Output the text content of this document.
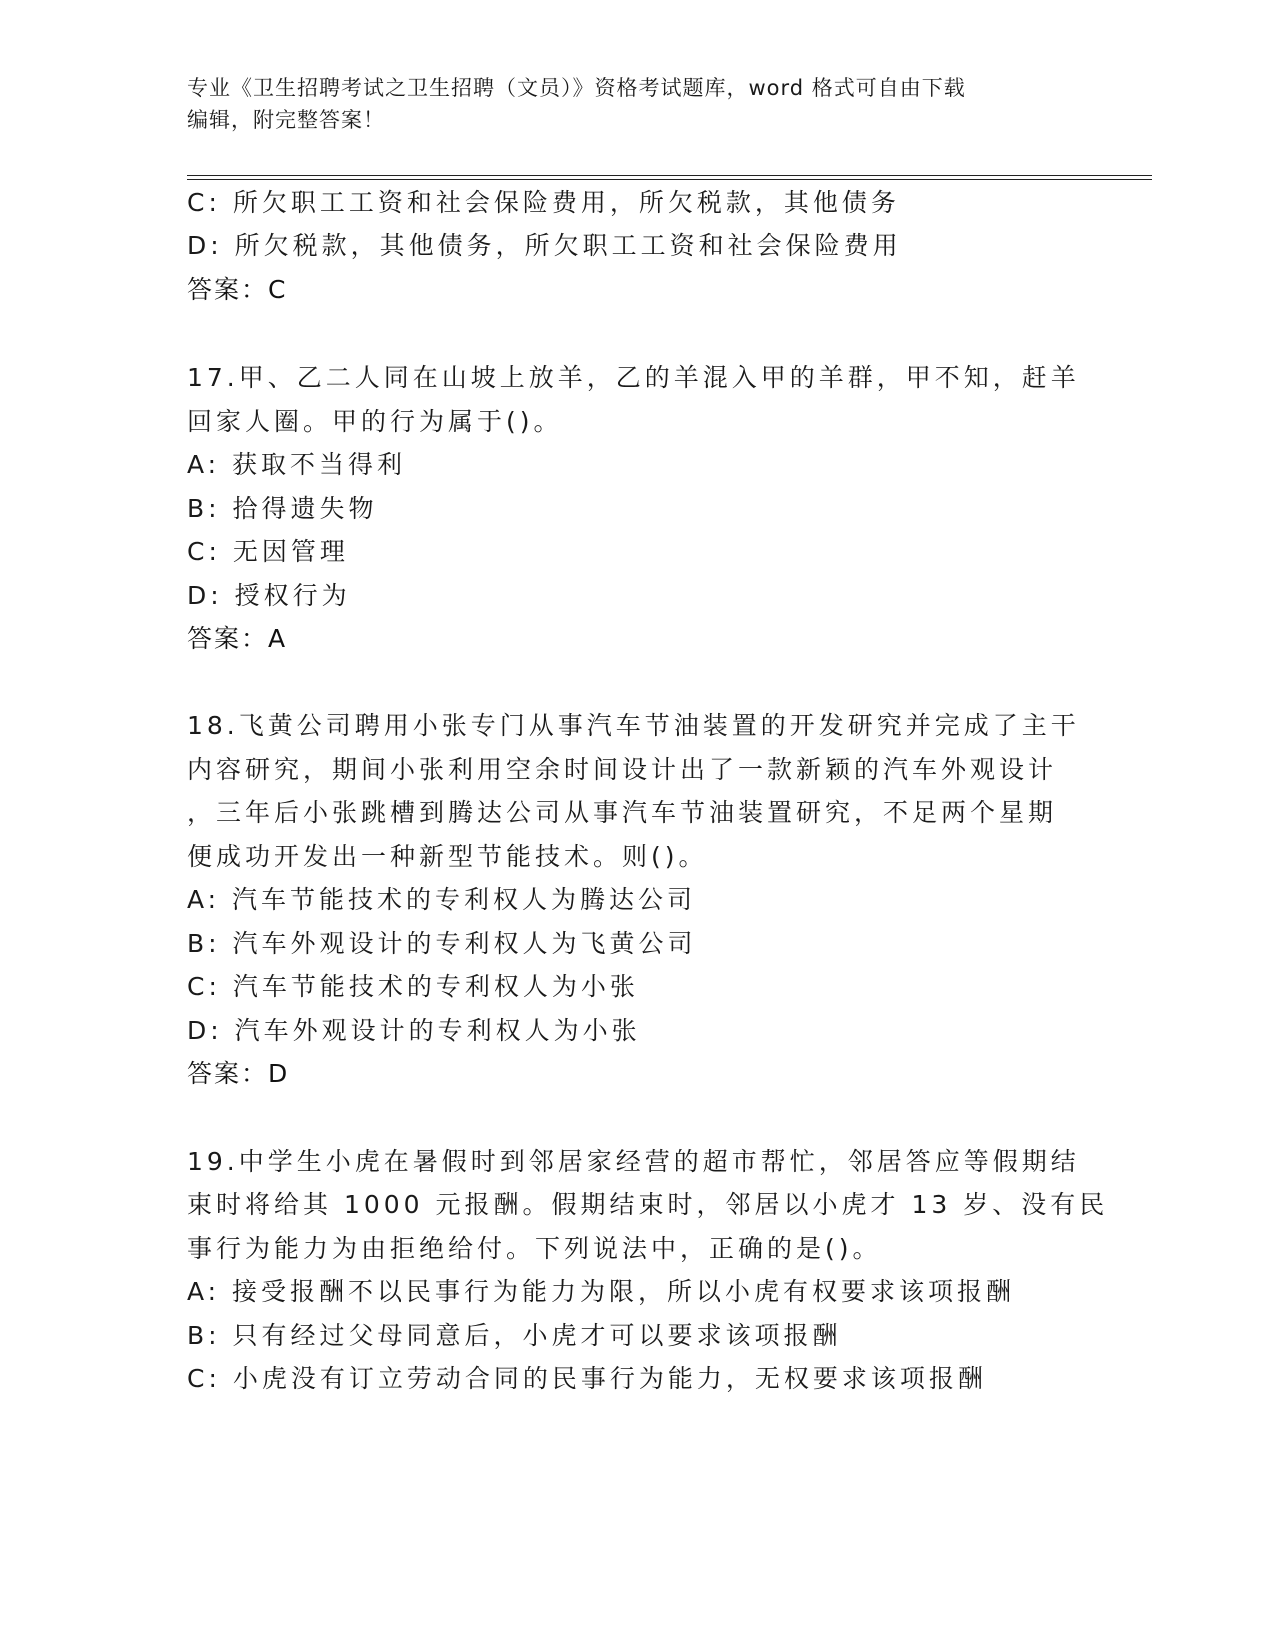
专业《卫生招聘考试之卫生招聘（文员）》资格考试题库，word 格式可自由下载
编辑，附完整答案！
C: 所欠职工工资和社会保险费用，所欠税款，其他债务
D: 所欠税款，其他债务，所欠职工工资和社会保险费用
答案：C
17.甲、乙二人同在山坡上放羊，乙的羊混入甲的羊群，甲不知，赶羊
回家人圈。甲的行为属于()。
A: 获取不当得利
B: 拾得遗失物
C: 无因管理
D: 授权行为
答案：A
18.飞黄公司聘用小张专门从事汽车节油装置的开发研究并完成了主干
内容研究，期间小张利用空余时间设计出了一款新颖的汽车外观设计
，三年后小张跳槽到腾达公司从事汽车节油装置研究，不足两个星期
便成功开发出一种新型节能技术。则()。
A: 汽车节能技术的专利权人为腾达公司
B: 汽车外观设计的专利权人为飞黄公司
C: 汽车节能技术的专利权人为小张
D: 汽车外观设计的专利权人为小张
答案：D
19.中学生小虎在暑假时到邻居家经营的超市帮忙，邻居答应等假期结
束时将给其 1000 元报酬。假期结束时，邻居以小虎才 13 岁、没有民
事行为能力为由拒绝给付。下列说法中，正确的是()。
A: 接受报酬不以民事行为能力为限，所以小虎有权要求该项报酬
B: 只有经过父母同意后，小虎才可以要求该项报酬
C: 小虎没有订立劳动合同的民事行为能力，无权要求该项报酬
